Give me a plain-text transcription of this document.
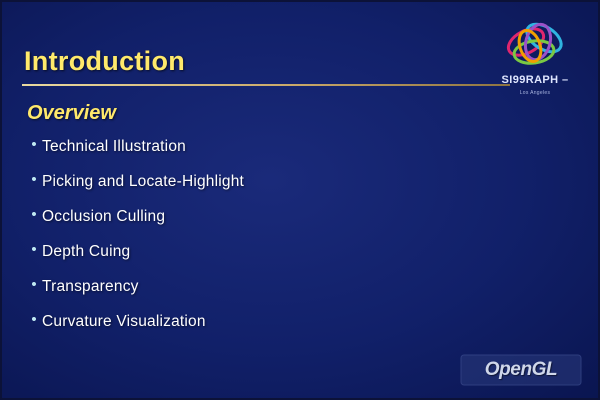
Introduction
Overview
• Technical Illustration
• Picking and Locate-Highlight
• Occlusion Culling
• Depth Cuing
• Transparency
• Curvature Visualization
SI99RAPH –
Los Angeles
OpenGL
